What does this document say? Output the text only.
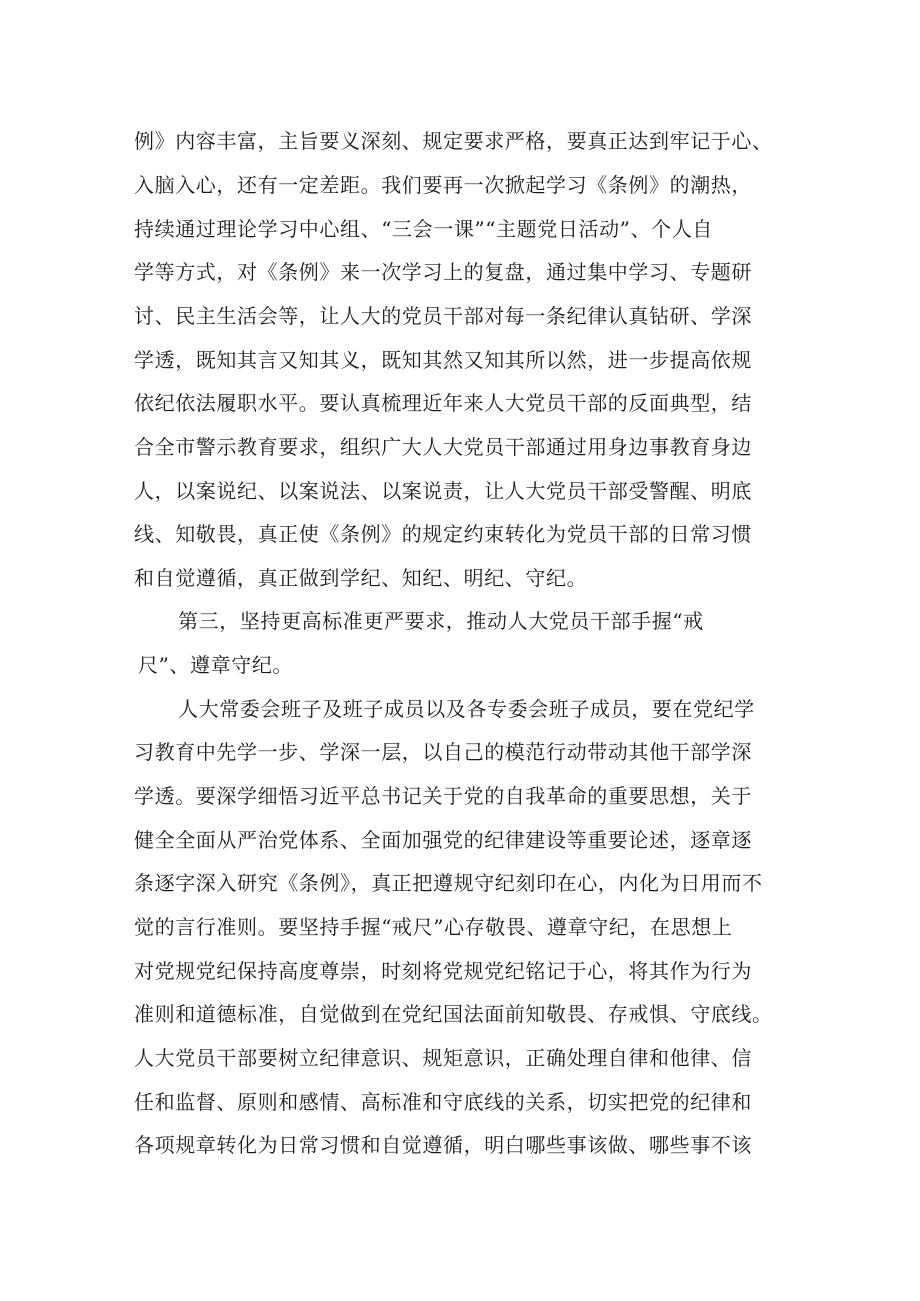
例》内容丰富，主旨要义深刻、规定要求严格，要真正达到牢记于心、
入脑入心，还有一定差距。我们要再一次掀起学习《条例》的潮热，
持续通过理论学习中心组、“三会一课”“主题党日活动”、个人自
学等方式，对《条例》来一次学习上的复盘，通过集中学习、专题研
讨、民主生活会等，让人大的党员干部对每一条纪律认真钻研、学深
学透，既知其言又知其义，既知其然又知其所以然，进一步提高依规
依纪依法履职水平。要认真梳理近年来人大党员干部的反面典型，结
合全市警示教育要求，组织广大人大党员干部通过用身边事教育身边
人，以案说纪、以案说法、以案说责，让人大党员干部受警醒、明底
线、知敬畏，真正使《条例》的规定约束转化为党员干部的日常习惯
和自觉遵循，真正做到学纪、知纪、明纪、守纪。
第三，坚持更高标准更严要求，推动人大党员干部手握“戒
尺”、遵章守纪。
人大常委会班子及班子成员以及各专委会班子成员，要在党纪学
习教育中先学一步、学深一层，以自己的模范行动带动其他干部学深
学透。要深学细悟习近平总书记关于党的自我革命的重要思想，关于
健全全面从严治党体系、全面加强党的纪律建设等重要论述，逐章逐
条逐字深入研究《条例》，真正把遵规守纪刻印在心，内化为日用而不
觉的言行准则。要坚持手握“戒尺”心存敬畏、遵章守纪，在思想上
对党规党纪保持高度尊崇，时刻将党规党纪铭记于心，将其作为行为
准则和道德标准，自觉做到在党纪国法面前知敬畏、存戒惧、守底线。
人大党员干部要树立纪律意识、规矩意识，正确处理自律和他律、信
任和监督、原则和感情、高标准和守底线的关系，切实把党的纪律和
各项规章转化为日常习惯和自觉遵循，明白哪些事该做、哪些事不该
